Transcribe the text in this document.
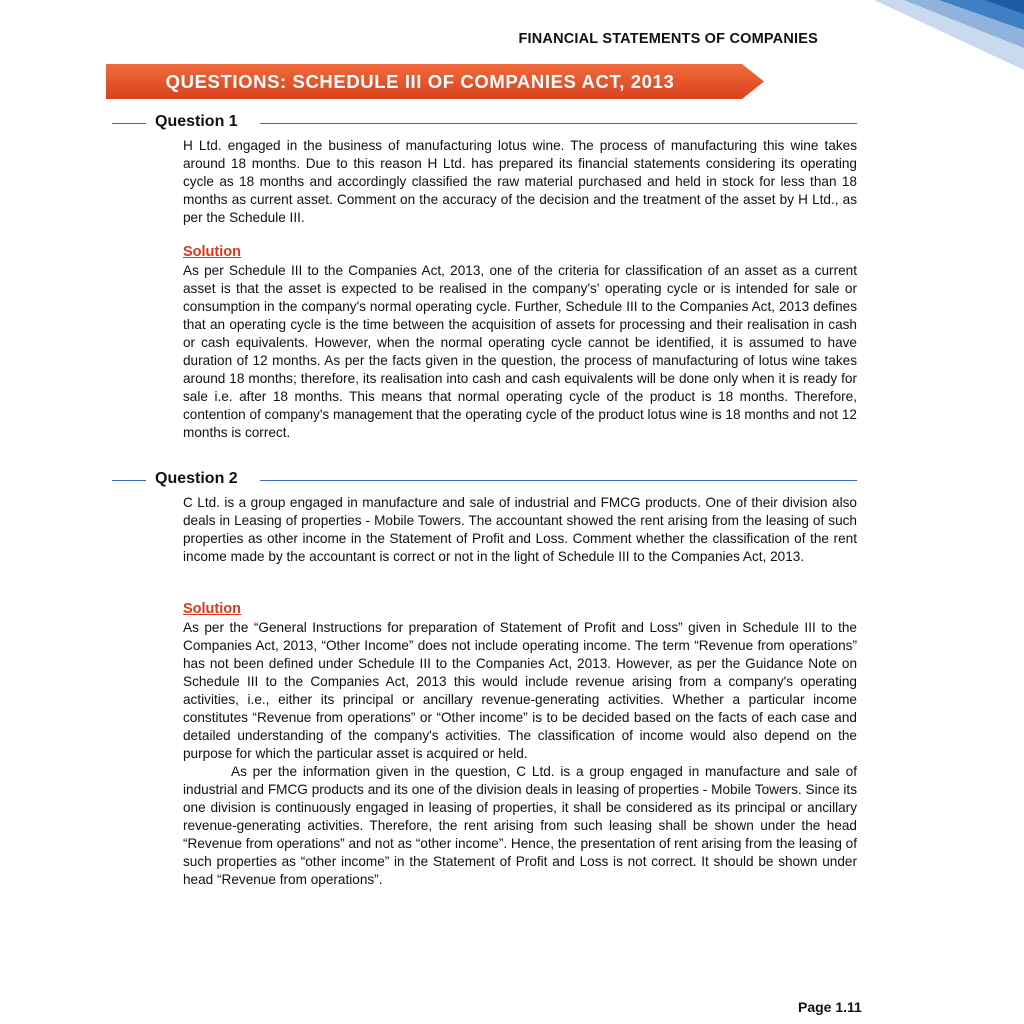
FINANCIAL STATEMENTS OF COMPANIES
QUESTIONS: SCHEDULE III OF COMPANIES ACT, 2013
Question 1

H Ltd. engaged in the business of manufacturing lotus wine. The process of manufacturing this wine takes around 18 months. Due to this reason H Ltd. has prepared its financial statements considering its operating cycle as 18 months and accordingly classified the raw material purchased and held in stock for less than 18 months as current asset. Comment on the accuracy of the decision and the treatment of the asset by H Ltd., as per the Schedule III.

Solution

As per Schedule III to the Companies Act, 2013, one of the criteria for classification of an asset as a current asset is that the asset is expected to be realised in the company's' operating cycle or is intended for sale or consumption in the company's normal operating cycle. Further, Schedule III to the Companies Act, 2013 defines that an operating cycle is the time between the acquisition of assets for processing and their realisation in cash or cash equivalents. However, when the normal operating cycle cannot be identified, it is assumed to have duration of 12 months. As per the facts given in the question, the process of manufacturing of lotus wine takes around 18 months; therefore, its realisation into cash and cash equivalents will be done only when it is ready for sale i.e. after 18 months. This means that normal operating cycle of the product is 18 months. Therefore, contention of company's management that the operating cycle of the product lotus wine is 18 months and not 12 months is correct.

Question 2

C Ltd. is a group engaged in manufacture and sale of industrial and FMCG products. One of their division also deals in Leasing of properties - Mobile Towers. The accountant showed the rent arising from the leasing of such properties as other income in the Statement of Profit and Loss. Comment whether the classification of the rent income made by the accountant is correct or not in the light of Schedule III to the Companies Act, 2013.

Solution

As per the “General Instructions for preparation of Statement of Profit and Loss” given in Schedule III to the Companies Act, 2013, “Other Income” does not include operating income. The term “Revenue from operations” has not been defined under Schedule III to the Companies Act, 2013. However, as per the Guidance Note on Schedule III to the Companies Act, 2013 this would include revenue arising from a company's operating activities, i.e., either its principal or ancillary revenue-generating activities. Whether a particular income constitutes “Revenue from operations” or “Other income” is to be decided based on the facts of each case and detailed understanding of the company's activities. The classification of income would also depend on the purpose for which the particular asset is acquired or held.

As per the information given in the question, C Ltd. is a group engaged in manufacture and sale of industrial and FMCG products and its one of the division deals in leasing of properties - Mobile Towers. Since its one division is continuously engaged in leasing of properties, it shall be considered as its principal or ancillary revenue-generating activities. Therefore, the rent arising from such leasing shall be shown under the head “Revenue from operations” and not as “other income”. Hence, the presentation of rent arising from the leasing of such properties as “other income” in the Statement of Profit and Loss is not correct. It should be shown under head “Revenue from operations”.

Page 1.11
